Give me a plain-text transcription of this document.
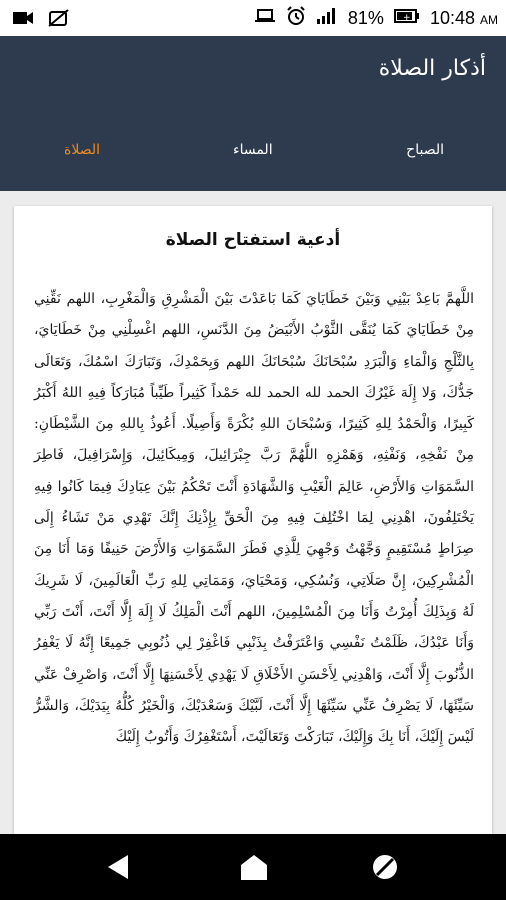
81% + 10:48 AM
أذكار الصلاة
الصباح
المساء
الصلاة
أدعية استفتاح الصلاة
اللَّهمَّ بَاعِدْ بَيْنِي وَبَيْنَ خَطَايَايَ كَمَا بَاعَدْتَ بَيْنَ الْمَشْرِقِ وَالْمَغْرِبِ، اللهم نَقِّنِي مِنْ خَطَايَايَ كَمَا يُنَقَّى الثَّوْبُ الأَبْيَضُ مِنَ الدَّنَسِ، اللهم اغْسِلْنِي مِنْ خَطَايَايَ، بِالثَّلْجِ وَالْمَاءِ وَالْبَرَدِ سُبْحَانَكَ سُبْحَانَكَ اللهم وَبِحَمْدِكَ، وَتَبَارَكَ اسْمُكَ، وَتَعَالَى جَدُّكَ، وَلا إِلَهَ غَيْرُكَ الحمد لله الحمد لله حَمْداً كَثِيراً طَيِّباً مُبَارَكاً فِيهِ اللهُ أَكْبَرُ كَبِيرًا، وَالْحَمْدُ لِلهِ كَثِيرًا، وَسُبْحَانَ اللهِ بُكْرَةً وَأَصِيلًا. أَعُوذُ بِاللهِ مِنَ الشَّيْطَانِ: مِنْ نَفْخِهِ، وَنَفْثِهِ، وَهَمْزِهِ اللَّهُمَّ رَبَّ جِبْرَائِيلَ، وَمِيكَائِيلَ، وَإِسْرَافِيلَ، فَاطِرَ السَّمَوَاتِ وَالأَرْضِ، عَالِمَ الْغَيْبِ وَالشَّهَادَةِ أَنْتَ تَحْكُمُ بَيْنَ عِبَادِكَ فِيمَا كَانُوا فِيهِ يَخْتَلِفُونَ، اهْدِنِي لِمَا اخْتُلِفَ فِيهِ مِنَ الْحَقِّ بِإِذْنِكَ إِنَّكَ تَهْدِي مَنْ تَشَاءُ إِلَى صِرَاطٍ مُسْتَقِيمٍ وَجَّهْتُ وَجْهِيَ لِلَّذِي فَطَرَ السَّمَوَاتِ وَالأَرْضَ حَنِيفًا وَمَا أَنَا مِنَ الْمُشْرِكِينَ، إِنَّ صَلَاتِي، وَنُسُكِي، وَمَحْيَايَ، وَمَمَاتِي لِلهِ رَبِّ الْعَالَمِينَ، لَا شَرِيكَ لَهُ وَبِذَلِكَ أُمِرْتُ وَأَنَا مِنَ الْمُسْلِمِينَ، اللهم أَنْتَ الْمَلِكُ لَا إِلَهَ إِلَّا أَنْتَ، أَنْتَ رَبِّي وَأَنَا عَبْدُكَ، ظَلَمْتُ نَفْسِي وَاعْتَرَفْتُ بِذَنْبِي فَاغْفِرْ لِي ذُنُوبِي جَمِيعًا إِنَّهُ لَا يَغْفِرُ الذُّنُوبَ إِلَّا أَنْتَ، وَاهْدِنِي لِأَحْسَنِ الأَخْلَاقِ لَا يَهْدِي لِأَحْسَنِهَا إِلَّا أَنْتَ، وَاصْرِفْ عَنِّي سَيِّئَهَا، لَا يَصْرِفُ عَنِّي سَيِّئَهَا إِلَّا أَنْتَ، لَبَّيْكَ وَسَعْدَيْكَ، وَالْخَيْرُ كُلُّهُ بِيَدَيْكَ، وَالشَّرُّ لَيْسَ إِلَيْكَ، أَنَا بِكَ وَإِلَيْكَ، تَبَارَكْتَ وَتَعَالَيْتَ، أَسْتَغْفِرُكَ وَأَتُوبُ إِلَيْكَ
